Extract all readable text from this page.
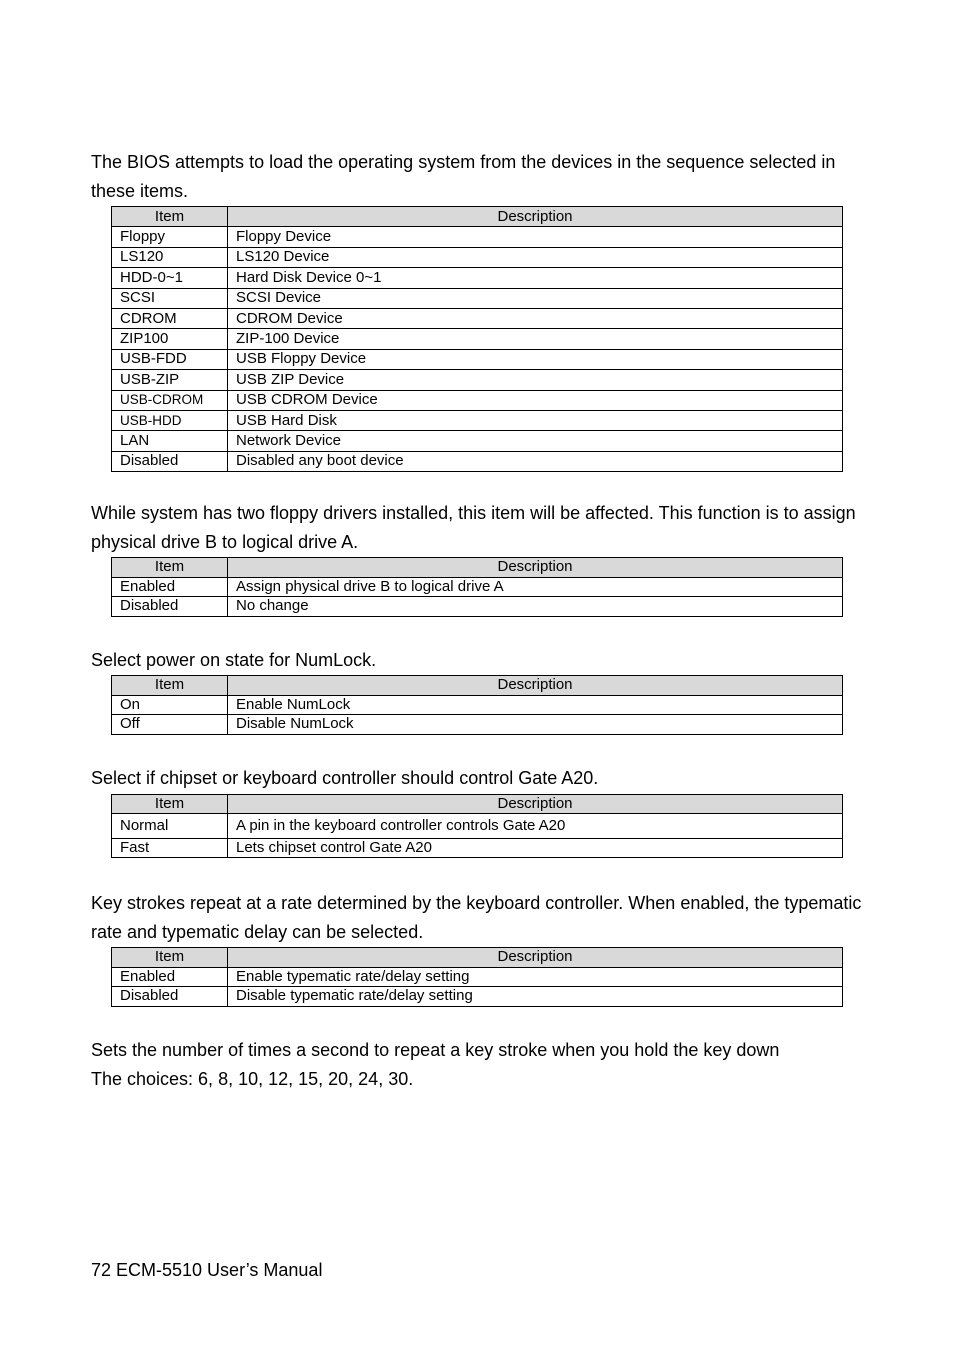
The BIOS attempts to load the operating system from the devices in the sequence selected in these items.

Item	Description
Floppy	Floppy Device
LS120	LS120 Device
HDD-0~1	Hard Disk Device 0~1
SCSI	SCSI Device
CDROM	CDROM Device
ZIP100	ZIP-100 Device
USB-FDD	USB Floppy Device
USB-ZIP	USB ZIP Device
USB-CDROM	USB CDROM Device
USB-HDD	USB Hard Disk
LAN	Network Device
Disabled	Disabled any boot device

While system has two floppy drivers installed, this item will be affected. This function is to assign physical drive B to logical drive A.

Item	Description
Enabled	Assign physical drive B to logical drive A
Disabled	No change

Select power on state for NumLock.

Item	Description
On	Enable NumLock
Off	Disable NumLock

Select if chipset or keyboard controller should control Gate A20.

Item	Description
Normal	A pin in the keyboard controller controls Gate A20
Fast	Lets chipset control Gate A20

Key strokes repeat at a rate determined by the keyboard controller. When enabled, the typematic rate and typematic delay can be selected.

Item	Description
Enabled	Enable typematic rate/delay setting
Disabled	Disable typematic rate/delay setting
Sets the number of times a second to repeat a key stroke when you hold the key down
The choices: 6, 8, 10, 12, 15, 20, 24, 30.

72 ECM-5510 User’s Manual
